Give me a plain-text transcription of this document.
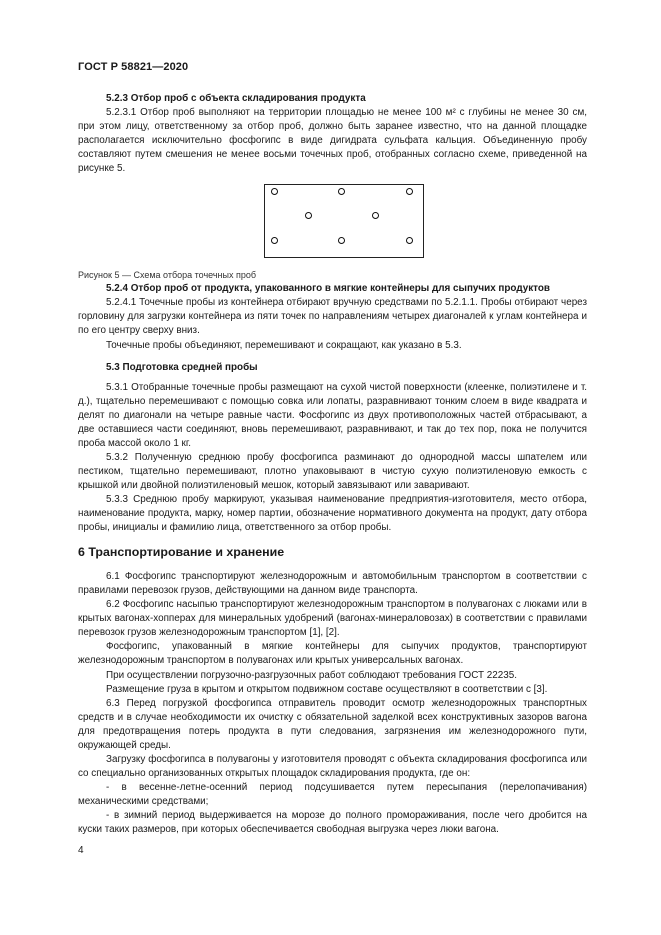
ГОСТ Р 58821—2020

5.2.3 Отбор проб с объекта складирования продукта

5.2.3.1 Отбор проб выполняют на территории площадью не менее 100 м² с глубины не менее 30 см, при этом лицу, ответственному за отбор проб, должно быть заранее известно, что на данной площадке располагается исключительно фосфогипс в виде дигидрата сульфата кальция. Объединенную пробу составляют путем смешения не менее восьми точечных проб, отобранных согласно схеме, приведенной на рисунке 5.

Рисунок 5 — Схема отбора точечных проб

5.2.4 Отбор проб от продукта, упакованного в мягкие контейнеры для сыпучих продуктов

5.2.4.1 Точечные пробы из контейнера отбирают вручную средствами по 5.2.1.1. Пробы отбирают через горловину для загрузки контейнера из пяти точек по направлениям четырех диагоналей к углам контейнера и по его центру сверху вниз.

Точечные пробы объединяют, перемешивают и сокращают, как указано в 5.3.

5.3 Подготовка средней пробы

5.3.1 Отобранные точечные пробы размещают на сухой чистой поверхности (клеенке, полиэтилене и т. д.), тщательно перемешивают с помощью совка или лопаты, разравнивают тонким слоем в виде квадрата и делят по диагонали на четыре равные части. Фосфогипс из двух противоположных частей отбрасывают, а две оставшиеся части соединяют, вновь перемешивают, разравнивают, и так до тех пор, пока не получится проба массой около 1 кг.

5.3.2 Полученную среднюю пробу фосфогипса разминают до однородной массы шпателем или пестиком, тщательно перемешивают, плотно упаковывают в чистую сухую полиэтиленовую емкость с крышкой или двойной полиэтиленовый мешок, который завязывают или заваривают.

5.3.3 Среднюю пробу маркируют, указывая наименование предприятия-изготовителя, место отбора, наименование продукта, марку, номер партии, обозначение нормативного документа на продукт, дату отбора пробы, инициалы и фамилию лица, ответственного за отбор пробы.

6 Транспортирование и хранение

6.1 Фосфогипс транспортируют железнодорожным и автомобильным транспортом в соответствии с правилами перевозок грузов, действующими на данном виде транспорта.

6.2 Фосфогипс насыпью транспортируют железнодорожным транспортом в полувагонах с люками или в крытых вагонах-хопперах для минеральных удобрений (вагонах-минераловозах) в соответствии с правилами перевозок грузов железнодорожным транспортом [1], [2].

Фосфогипс, упакованный в мягкие контейнеры для сыпучих продуктов, транспортируют железнодорожным транспортом в полувагонах или крытых универсальных вагонах.

При осуществлении погрузочно-разгрузочных работ соблюдают требования ГОСТ 22235.

Размещение груза в крытом и открытом подвижном составе осуществляют в соответствии с [3].

6.3 Перед погрузкой фосфогипса отправитель проводит осмотр железнодорожных транспортных средств и в случае необходимости их очистку с обязательной заделкой всех конструктивных зазоров вагона для предотвращения потерь продукта в пути следования, загрязнения им железнодорожного пути, окружающей среды.

Загрузку фосфогипса в полувагоны у изготовителя проводят с объекта складирования фосфогипса или со специально организованных открытых площадок складирования продукта, где он:

- в весенне-летне-осенний период подсушивается путем пересыпания (перелопачивания) механическими средствами;

- в зимний период выдерживается на морозе до полного промораживания, после чего дробится на куски таких размеров, при которых обеспечивается свободная выгрузка через люки вагона.

4
